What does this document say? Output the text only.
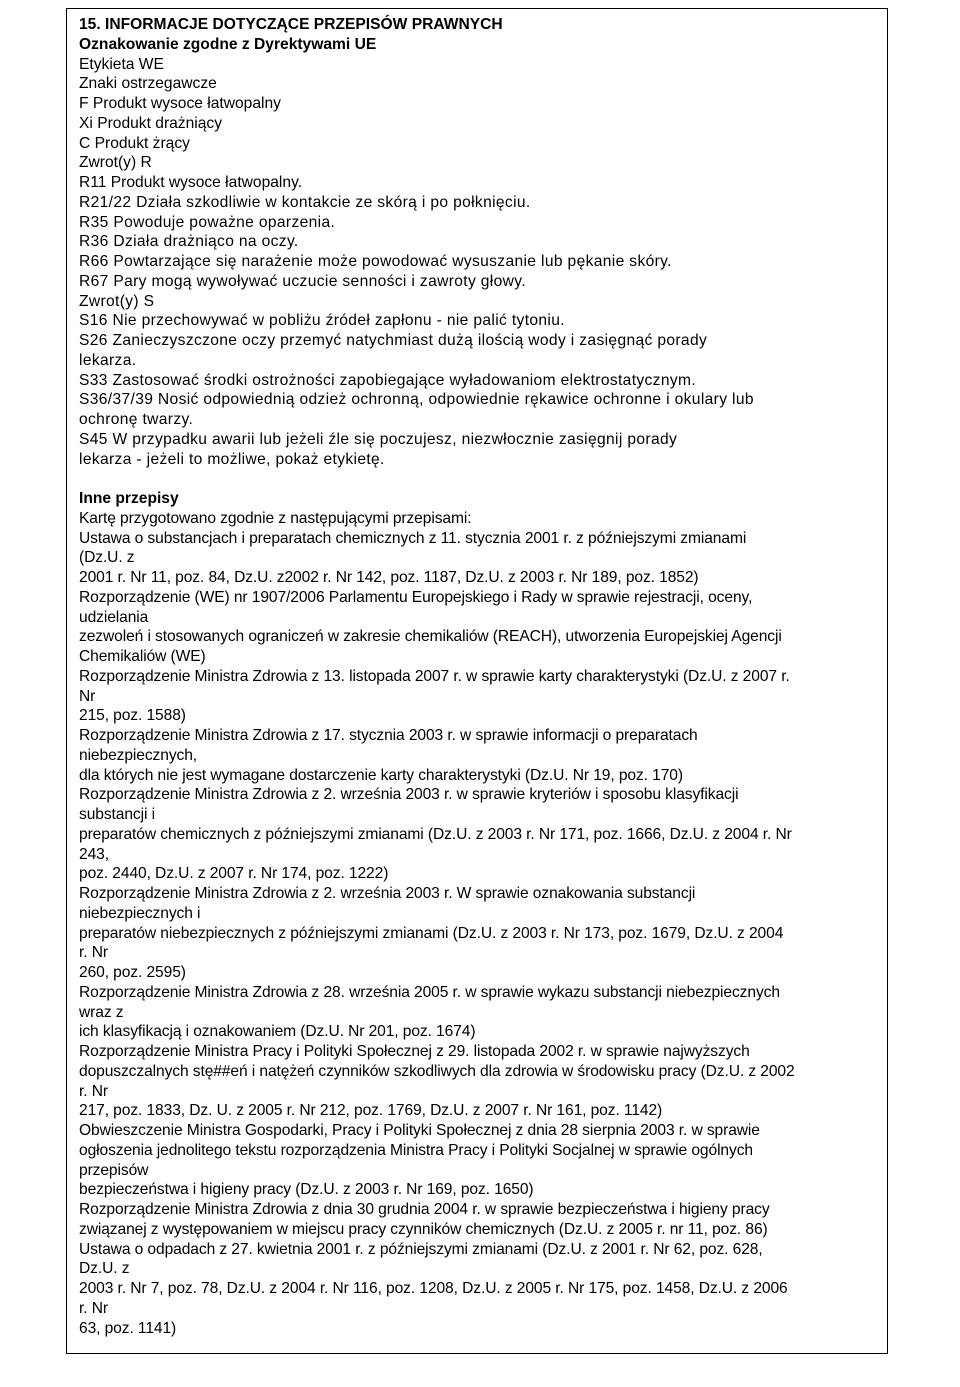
15. INFORMACJE DOTYCZĄCE PRZEPISÓW PRAWNYCH
Oznakowanie zgodne z Dyrektywami UE
Etykieta WE
Znaki ostrzegawcze
F Produkt wysoce łatwopalny
Xi Produkt drażniący
C Produkt żrący
Zwrot(y) R
R11 Produkt wysoce łatwopalny.
R21/22 Działa szkodliwie w kontakcie ze skórą i po połknięciu.
R35 Powoduje poważne oparzenia.
R36 Działa drażniąco na oczy.
R66 Powtarzające się narażenie może powodować wysuszanie lub pękanie skóry.
R67 Pary mogą wywoływać uczucie senności i zawroty głowy.
Zwrot(y) S
S16 Nie przechowywać w pobliżu źródeł zapłonu - nie palić tytoniu.
S26 Zanieczyszczone oczy przemyć natychmiast dużą ilością wody i zasięgnąć porady
lekarza.
S33 Zastosować środki ostrożności zapobiegające wyładowaniom elektrostatycznym.
S36/37/39 Nosić odpowiednią odzież ochronną, odpowiednie rękawice ochronne i okulary lub
ochronę twarzy.
S45 W przypadku awarii lub jeżeli źle się poczujesz, niezwłocznie zasięgnij porady
lekarza - jeżeli to możliwe, pokaż etykietę.
Inne przepisy
Kartę przygotowano zgodnie z następującymi przepisami:
Ustawa o substancjach i preparatach chemicznych z 11. stycznia 2001 r. z późniejszymi zmianami
(Dz.U. z
2001 r. Nr 11, poz. 84, Dz.U. z2002 r. Nr 142, poz. 1187, Dz.U. z 2003 r. Nr 189, poz. 1852)
Rozporządzenie (WE) nr 1907/2006 Parlamentu Europejskiego i Rady w sprawie rejestracji, oceny,
udzielania
zezwoleń i stosowanych ograniczeń w zakresie chemikaliów (REACH), utworzenia Europejskiej Agencji
Chemikaliów (WE)
Rozporządzenie Ministra Zdrowia z 13. listopada 2007 r. w sprawie karty charakterystyki (Dz.U. z 2007 r.
Nr
215, poz. 1588)
Rozporządzenie Ministra Zdrowia z 17. stycznia 2003 r. w sprawie informacji o preparatach
niebezpiecznych,
dla których nie jest wymagane dostarczenie karty charakterystyki (Dz.U. Nr 19, poz. 170)
Rozporządzenie Ministra Zdrowia z 2. września 2003 r. w sprawie kryteriów i sposobu klasyfikacji
substancji i
preparatów chemicznych z późniejszymi zmianami (Dz.U. z 2003 r. Nr 171, poz. 1666, Dz.U. z 2004 r. Nr
243,
poz. 2440, Dz.U. z 2007 r. Nr 174, poz. 1222)
Rozporządzenie Ministra Zdrowia z 2. września 2003 r. W sprawie oznakowania substancji
niebezpiecznych i
preparatów niebezpiecznych z późniejszymi zmianami (Dz.U. z 2003 r. Nr 173, poz. 1679, Dz.U. z 2004
r. Nr
260, poz. 2595)
Rozporządzenie Ministra Zdrowia z 28. września 2005 r. w sprawie wykazu substancji niebezpiecznych
wraz z
ich klasyfikacją i oznakowaniem (Dz.U. Nr 201, poz. 1674)
Rozporządzenie Ministra Pracy i Polityki Społecznej z 29. listopada 2002 r. w sprawie najwyższych
dopuszczalnych stę##eń i natężeń czynników szkodliwych dla zdrowia w środowisku pracy (Dz.U. z 2002
r. Nr
217, poz. 1833, Dz. U. z 2005 r. Nr 212, poz. 1769, Dz.U. z 2007 r. Nr 161, poz. 1142)
Obwieszczenie Ministra Gospodarki, Pracy i Polityki Społecznej z dnia 28 sierpnia 2003 r. w sprawie
ogłoszenia jednolitego tekstu rozporządzenia Ministra Pracy i Polityki Socjalnej w sprawie ogólnych
przepisów
bezpieczeństwa i higieny pracy (Dz.U. z 2003 r. Nr 169, poz. 1650)
Rozporządzenie Ministra Zdrowia z dnia 30 grudnia 2004 r. w sprawie bezpieczeństwa i higieny pracy
związanej z występowaniem w miejscu pracy czynników chemicznych (Dz.U. z 2005 r. nr 11, poz. 86)
Ustawa o odpadach z 27. kwietnia 2001 r. z późniejszymi zmianami (Dz.U. z 2001 r. Nr 62, poz. 628,
Dz.U. z
2003 r. Nr 7, poz. 78, Dz.U. z 2004 r. Nr 116, poz. 1208, Dz.U. z 2005 r. Nr 175, poz. 1458, Dz.U. z 2006
r. Nr
63, poz. 1141)
